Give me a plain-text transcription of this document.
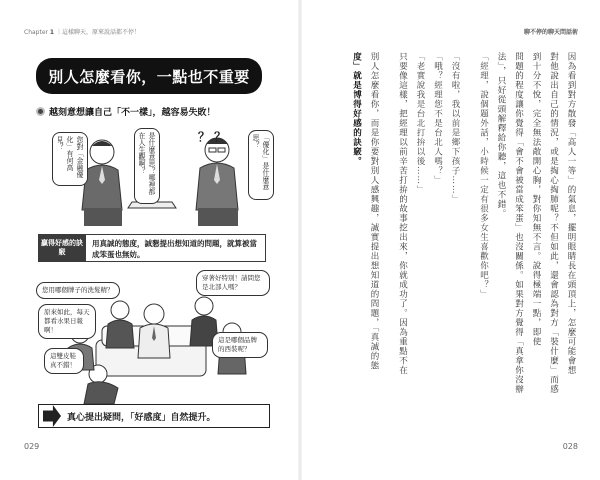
Chapter 1 ｜這樣聊天，原來說話都不停！
別人怎麼看你，一點也不重要
越刻意想讓自己「不一樣」，越容易失敗！
您對「金融優化」有何高見？	是什麼意思？哪裡都在人生觀啊？	「優化」是什麼意思？
？ ？
贏得好感的訣竅
用真誠的態度，誠懇提出想知道的問題，就算被當成笨蛋也無妨。
您用哪個牌子的洗髮精？
穿著好特別！請問您是北部人嗎？
原來如此，每天都看水果日報啊！
這是哪個品牌的西裝呢？
這雙皮鞋真不錯！
真心提出疑問，「好感度」自然提升。
029
聊不停的聊天問話術
因為看到對方散發「高人一等」的氣息，擺明眼睛長在頭頂上，怎麼可能會想
對他說出自己的情況，或是掏心掏肺呢？不但如此，還會認為對方「裝什麼」而感
到十分不悅，完全無法敞開心胸，對你知無不言。說得極端一點，即使
問題的程度讓你覺得「會不會被當成笨蛋」也沒關係。如果對方覺得「真拿你沒辦
法」，只好從頭解釋給你聽，這也不錯。
「經理，說個題外話，小時候一定有很多女生喜歡你吧？」
「沒有啦，我以前是鄉下孩子……」
「哦？經理您不是台北人嗎？」
「老實說我是台北打拚以後……」
只要像這樣，把經理以前辛苦打拚的故事挖出來，你就成功了。因為重點不在
別人怎麼看你，而是你要對別人感興趣，誠實提出想知道的問題，「真誠的態
度」就是博得好感的訣竅。
028
